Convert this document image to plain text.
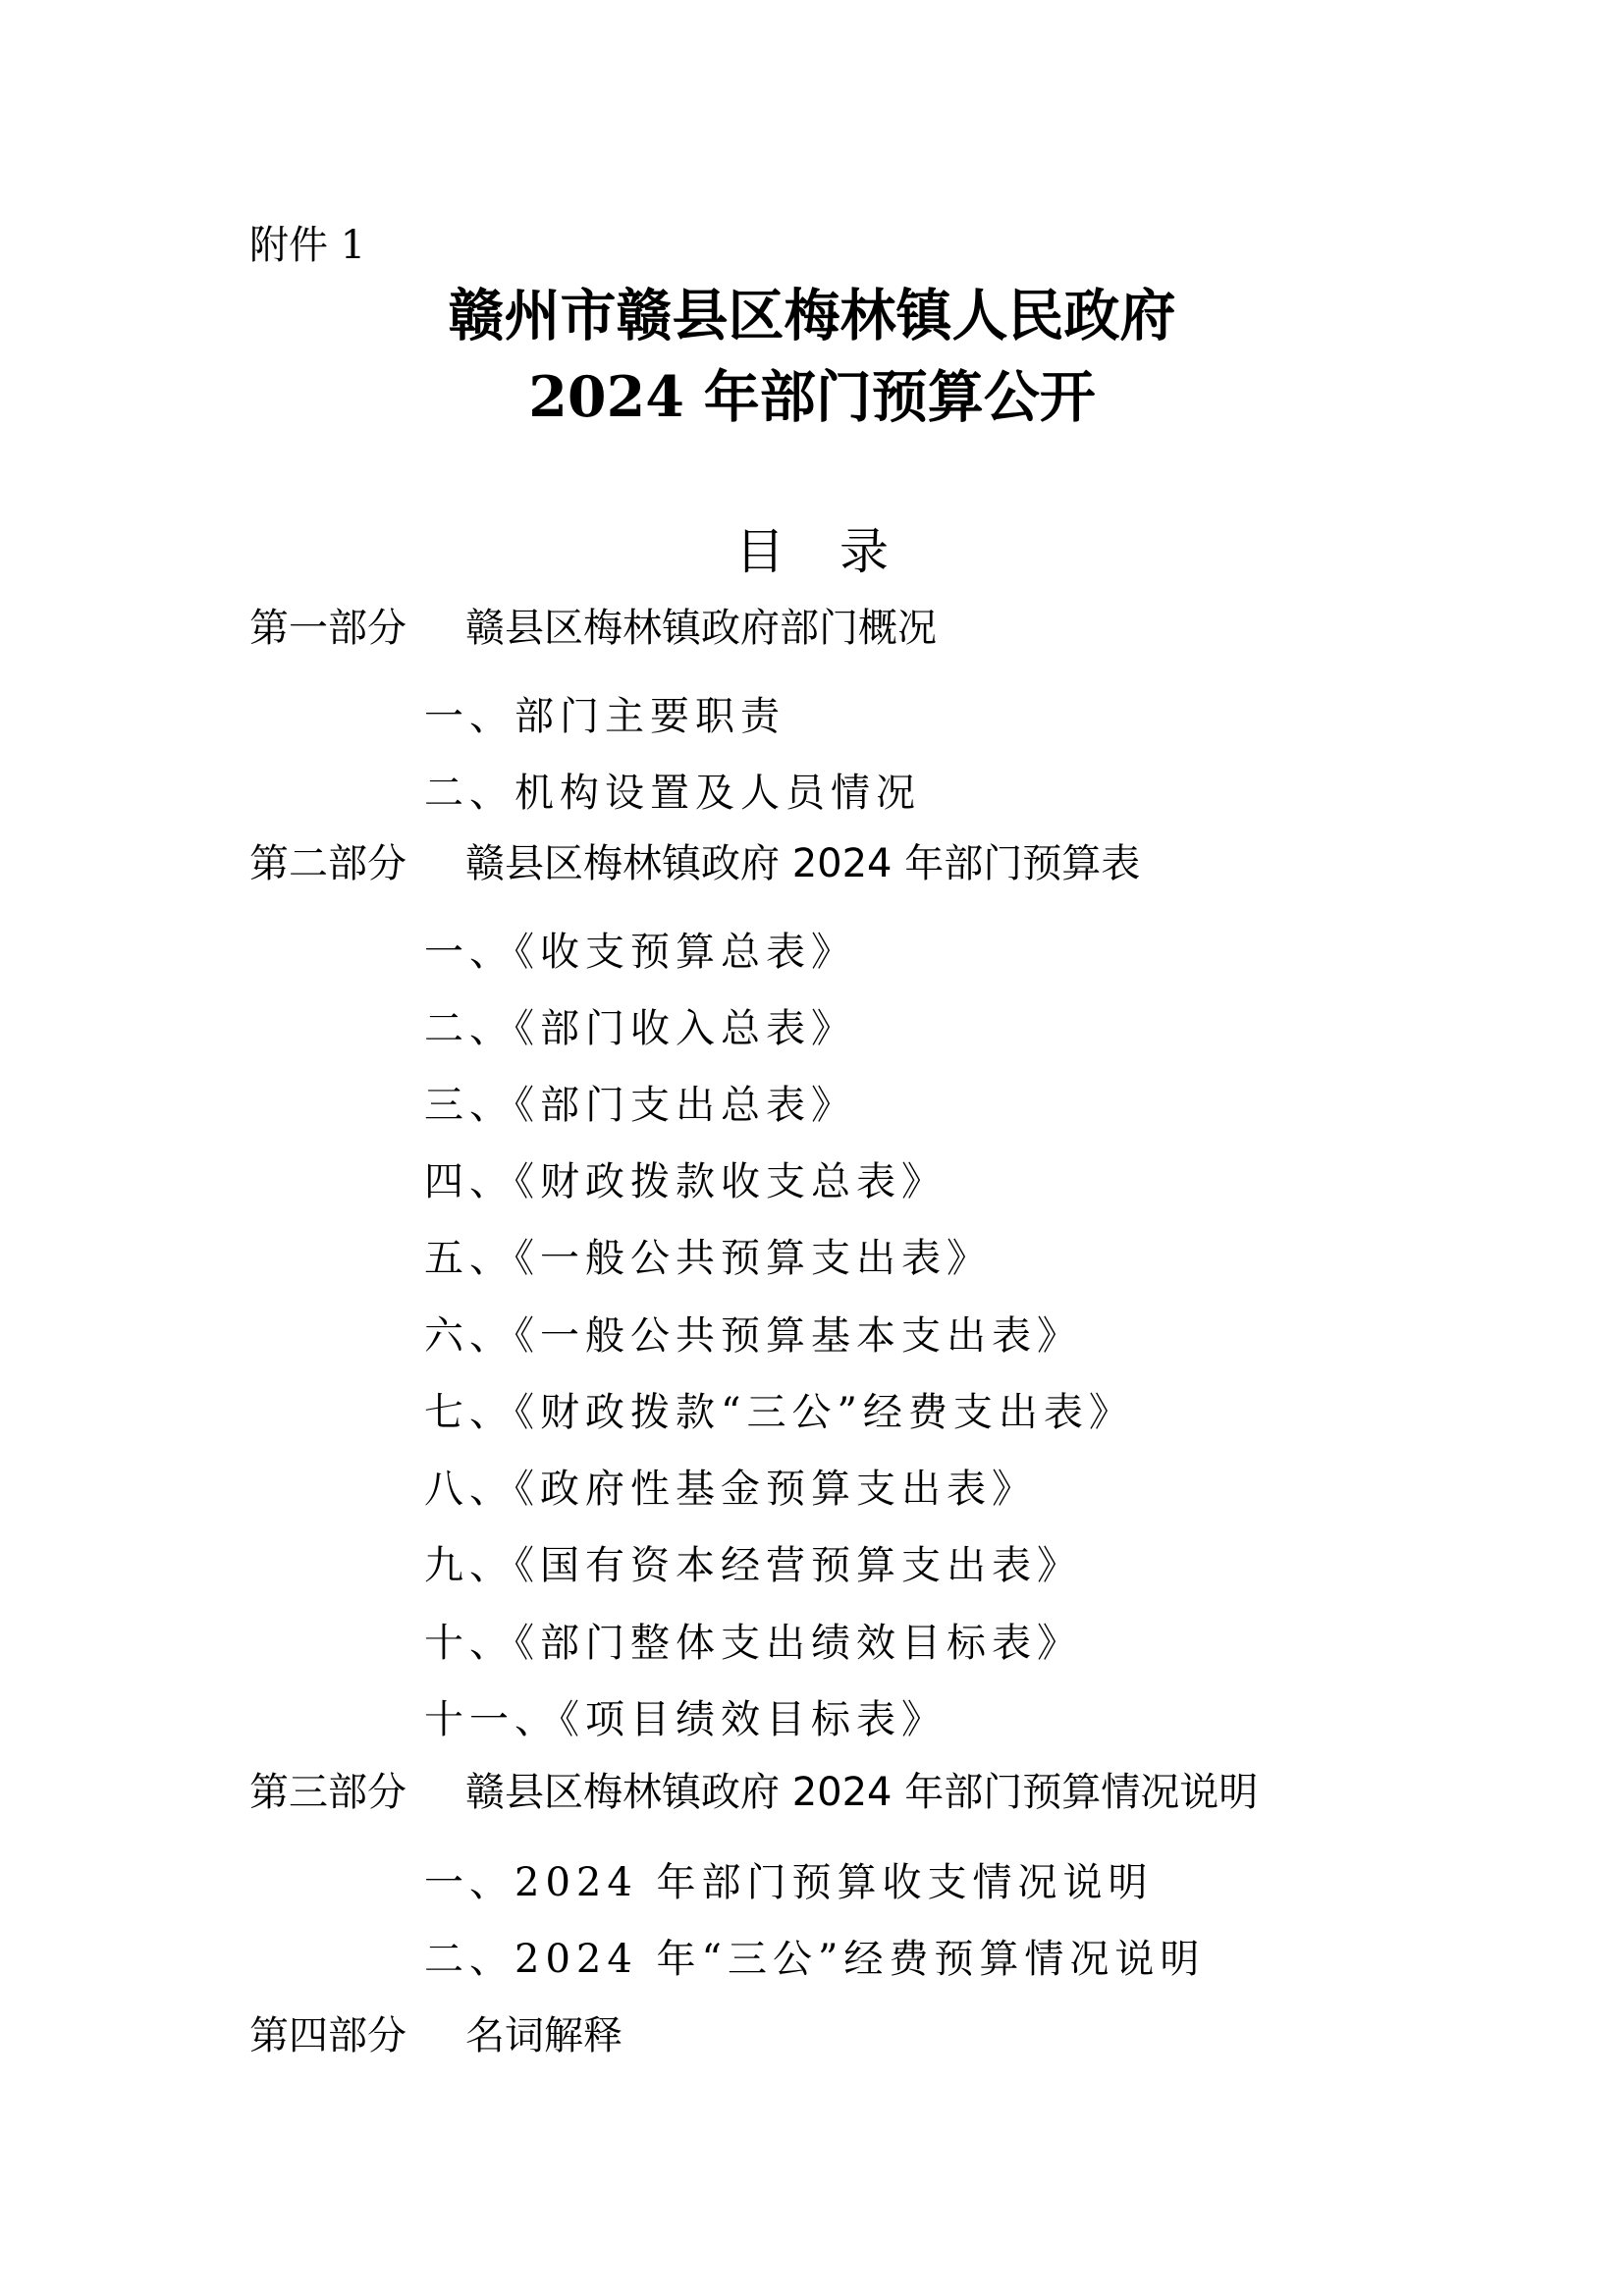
附件 1
赣州市赣县区梅林镇人民政府
2024 年部门预算公开
目录
第一部分 赣县区梅林镇政府部门概况
一、部门主要职责
二、机构设置及人员情况
第二部分 赣县区梅林镇政府 2024 年部门预算表
一、《收支预算总表》
二、《部门收入总表》
三、《部门支出总表》
四、《财政拨款收支总表》
五、《一般公共预算支出表》
六、《一般公共预算基本支出表》
七、《财政拨款“三公”经费支出表》
八、《政府性基金预算支出表》
九、《国有资本经营预算支出表》
十、《部门整体支出绩效目标表》
十一、《项目绩效目标表》
第三部分 赣县区梅林镇政府 2024 年部门预算情况说明
一、2024 年部门预算收支情况说明
二、2024 年“三公”经费预算情况说明
第四部分 名词解释
